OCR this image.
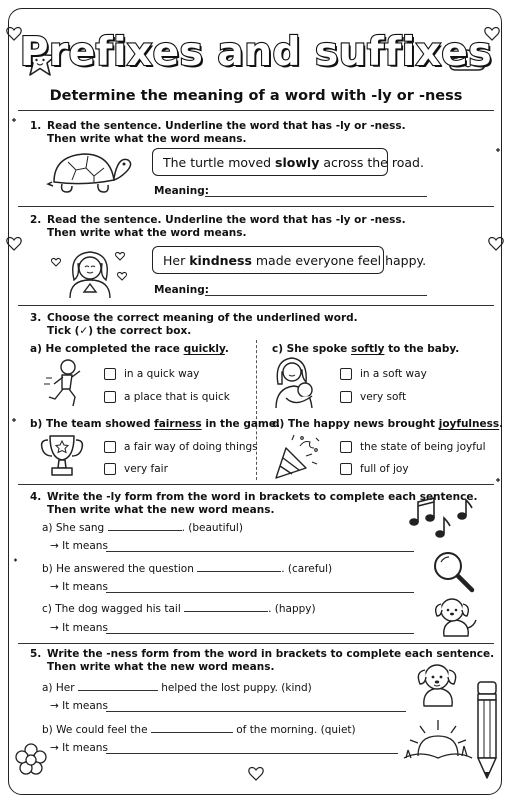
Prefixes and suffixes
Determine the meaning of a word with -ly or -ness
1. Read the sentence. Underline the word that has -ly or -ness.
Then write what the word means.
The turtle moved slowly across the road.
Meaning:
2. Read the sentence. Underline the word that has -ly or -ness.
Then write what the word means.
Her kindness made everyone feel happy.
Meaning:
3. Choose the correct meaning of the underlined word.
Tick (✓) the correct box.
a) He completed the race quickly.
in a quick way
a place that is quick
c) She spoke softly to the baby.
in a soft way
very soft
b) The team showed fairness in the game.
a fair way of doing things
very fair
d) The happy news brought joyfulness.
the state of being joyful
full of joy
4. Write the -ly form from the word in brackets to complete each sentence.
Then write what the new word means.
a) She sang	. (beautiful)
→ It means
b) He answered the question	. (careful)
→ It means
c) The dog wagged his tail	. (happy)
→ It means
5. Write the -ness form from the word in brackets to complete each sentence.
Then write what the new word means.
a) Her	helped the lost puppy. (kind)
→ It means
b) We could feel the	of the morning. (quiet)
→ It means
